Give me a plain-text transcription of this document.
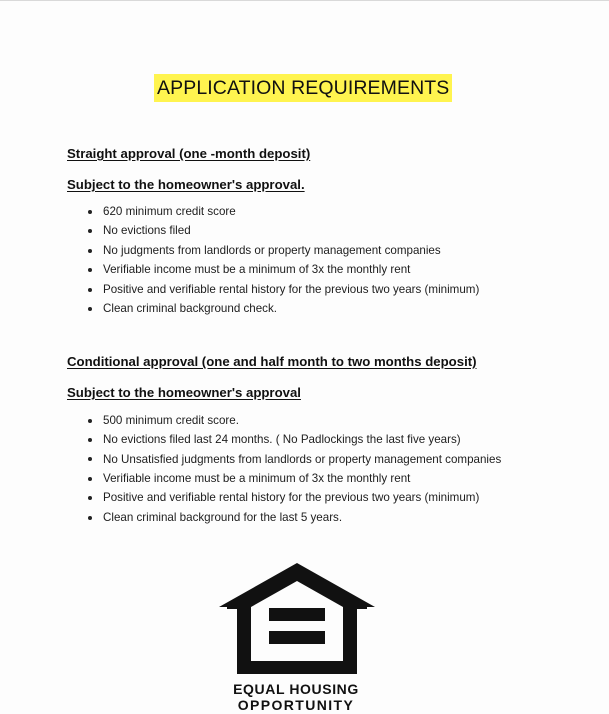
APPLICATION REQUIREMENTS
Straight approval (one -month deposit)
Subject to the homeowner's approval.
620 minimum credit score
No evictions filed
No judgments from landlords or property management companies
Verifiable income must be a minimum of 3x the monthly rent
Positive and verifiable rental history for the previous two years (minimum)
Clean criminal background check.
Conditional approval (one and half month to two months deposit)
Subject to the homeowner's approval
500 minimum credit score.
No evictions filed last 24 months. ( No Padlockings the last five years)
No Unsatisfied judgments from landlords or property management companies
Verifiable income must be a minimum of 3x the monthly rent
Positive and verifiable rental history for the previous two years (minimum)
Clean criminal background for the last 5 years.
EQUAL HOUSING
OPPORTUNITY
